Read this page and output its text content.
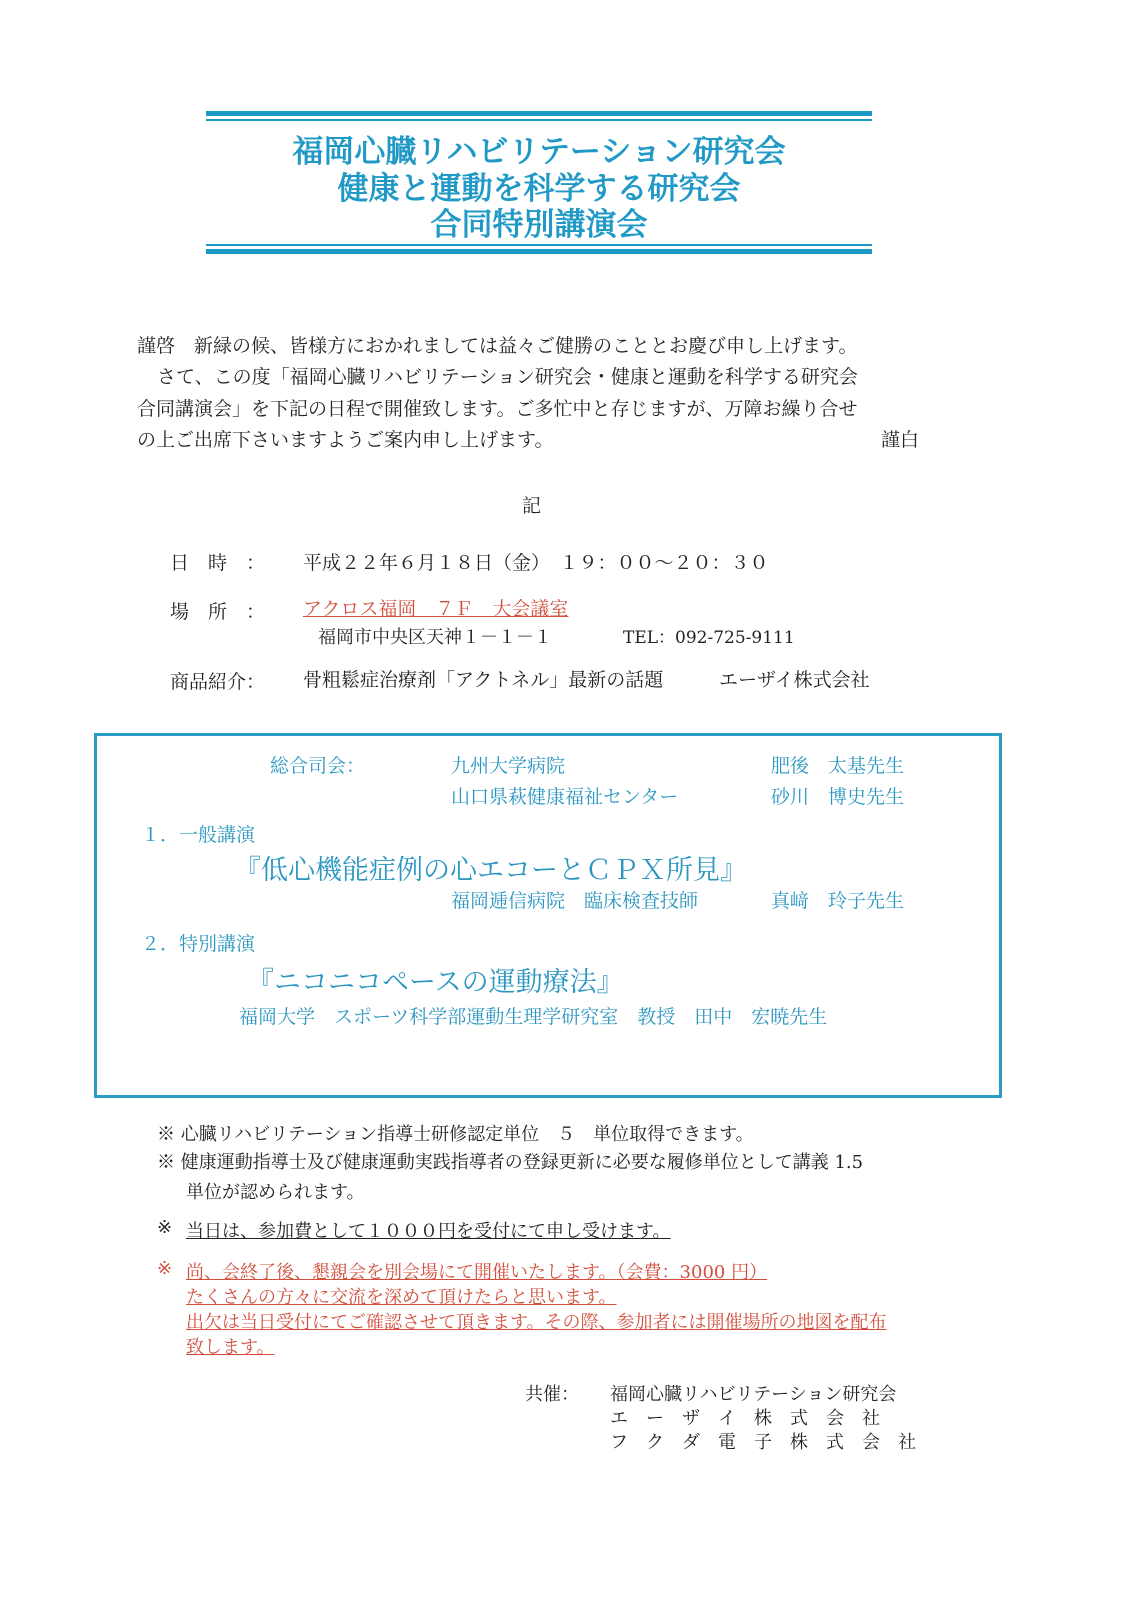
福岡心臓リハビリテーション研究会
健康と運動を科学する研究会
合同特別講演会
謹啓　新緑の候、皆様方におかれましては益々ご健勝のこととお慶び申し上げます。
さて、この度「福岡心臓リハビリテーション研究会・健康と運動を科学する研究会
合同講演会」を下記の日程で開催致します。ご多忙中と存じますが、万障お繰り合せ
の上ご出席下さいますようご案内申し上げます。	謹白
記
日　時　： 平成２２年６月１８日（金）　１９：００～２０：３０
場　所　： アクロス福岡　７Ｆ　大会議室
福岡市中央区天神１－１－１	TEL：092-725-9111
商品紹介： 骨粗鬆症治療剤「アクトネル」最新の話題	エーザイ株式会社
総合司会：	九州大学病院	肥後　太基先生
山口県萩健康福祉センター	砂川　博史先生
１．一般講演
『低心機能症例の心エコーとＣＰＸ所見』
福岡逓信病院　臨床検査技師	真﨑　玲子先生
２．特別講演
『ニコニコペースの運動療法』
福岡大学　スポーツ科学部運動生理学研究室　教授　田中　宏暁先生
※ 心臓リハビリテーション指導士研修認定単位　５　単位取得できます。
※ 健康運動指導士及び健康運動実践指導者の登録更新に必要な履修単位として講義 1.5
単位が認められます。
※ 当日は、参加費として１０００円を受付にて申し受けます。
※ 尚、会終了後、懇親会を別会場にて開催いたします。（会費：3000 円）
たくさんの方々に交流を深めて頂けたらと思います。
出欠は当日受付にてご確認させて頂きます。その際、参加者には開催場所の地図を配布
致します。
共催： 福岡心臓リハビリテーション研究会
エ　ー　ザ　イ　株　式　会　社
フ　ク　ダ　電　子　株　式　会　社
